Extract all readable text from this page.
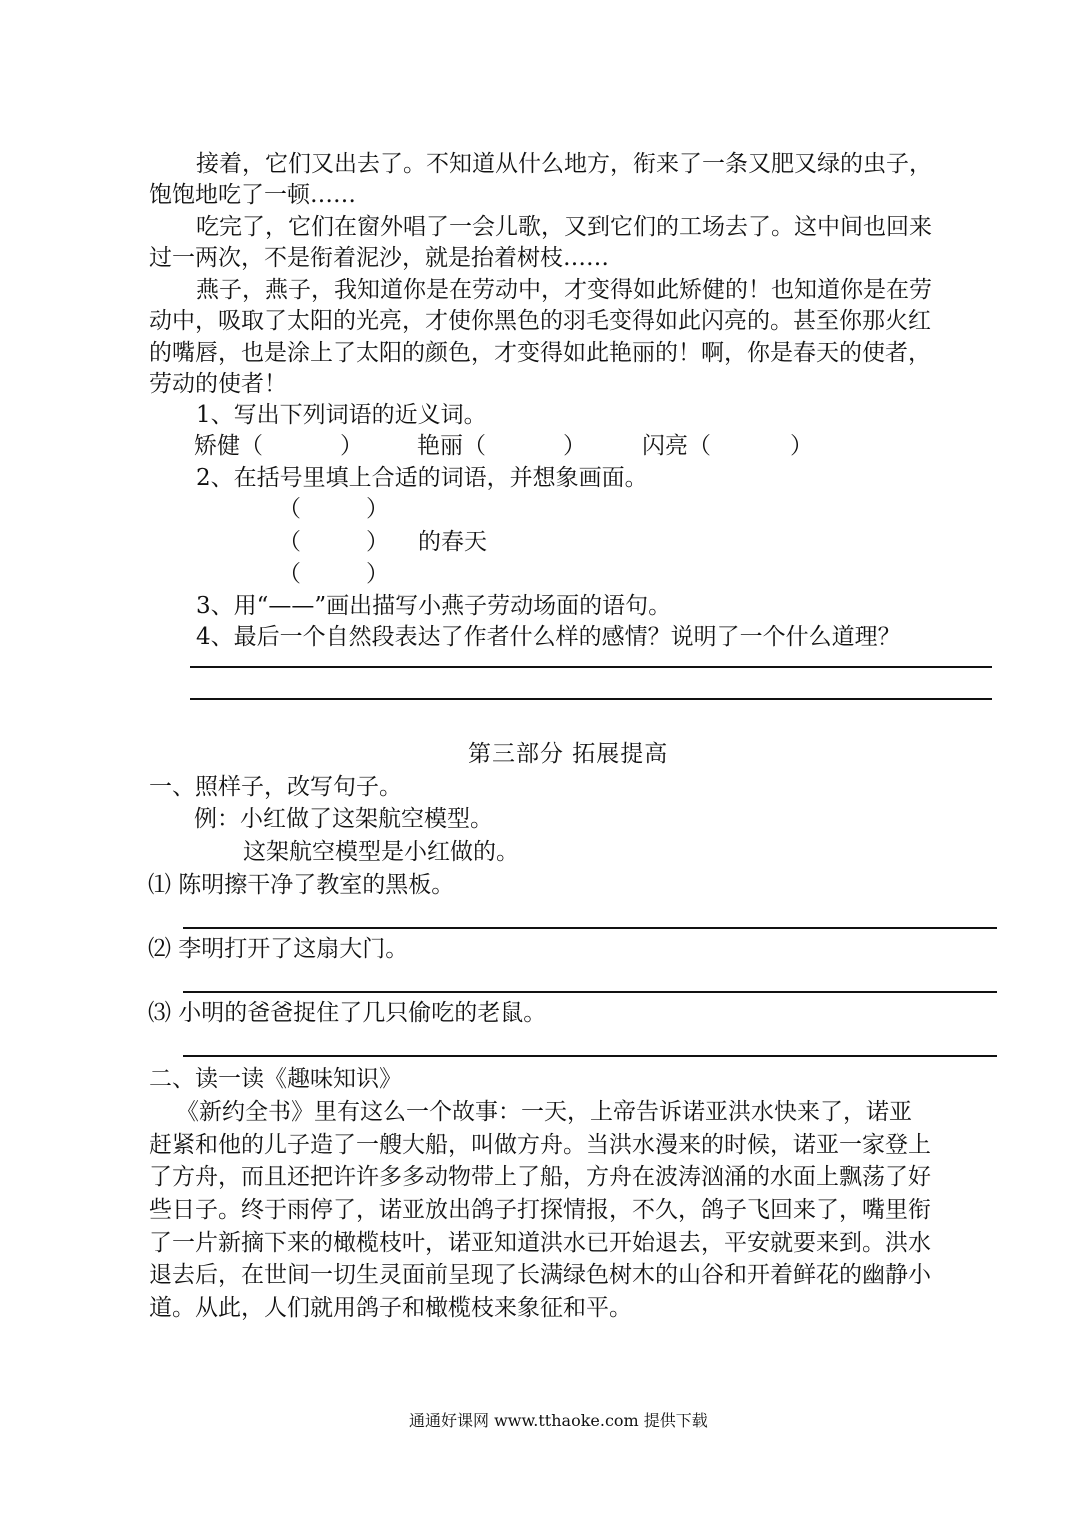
接着，它们又出去了。不知道从什么地方，衔来了一条又肥又绿的虫子，
饱饱地吃了一顿……
吃完了，它们在窗外唱了一会儿歌，又到它们的工场去了。这中间也回来
过一两次，不是衔着泥沙，就是抬着树枝……
燕子，燕子，我知道你是在劳动中，才变得如此矫健的！也知道你是在劳
动中，吸取了太阳的光亮，才使你黑色的羽毛变得如此闪亮的。甚至你那火红
的嘴唇，也是涂上了太阳的颜色，才变得如此艳丽的！啊，你是春天的使者，
劳动的使者！
1、写出下列词语的近义词。
矫健（	） 艳丽（	） 闪亮（	）
2、在括号里填上合适的词语，并想象画面。
（	）
（	） 的春天
（	）
3、用“——”画出描写小燕子劳动场面的语句。
4、最后一个自然段表达了作者什么样的感情？说明了一个什么道理？
第三部分 拓展提高
一、照样子，改写句子。
例：小红做了这架航空模型。
这架航空模型是小红做的。
⑴ 陈明擦干净了教室的黑板。
⑵ 李明打开了这扇大门。
⑶ 小明的爸爸捉住了几只偷吃的老鼠。
二、读一读《趣味知识》
《新约全书》里有这么一个故事：一天，上帝告诉诺亚洪水快来了，诺亚
赶紧和他的儿子造了一艘大船，叫做方舟。当洪水漫来的时候，诺亚一家登上
了方舟，而且还把许许多多动物带上了船，方舟在波涛汹涌的水面上飘荡了好
些日子。终于雨停了，诺亚放出鸽子打探情报，不久，鸽子飞回来了，嘴里衔
了一片新摘下来的橄榄枝叶，诺亚知道洪水已开始退去，平安就要来到。洪水
退去后，在世间一切生灵面前呈现了长满绿色树木的山谷和开着鲜花的幽静小
道。从此，人们就用鸽子和橄榄枝来象征和平。
通通好课网 www.tthaoke.com 提供下载
